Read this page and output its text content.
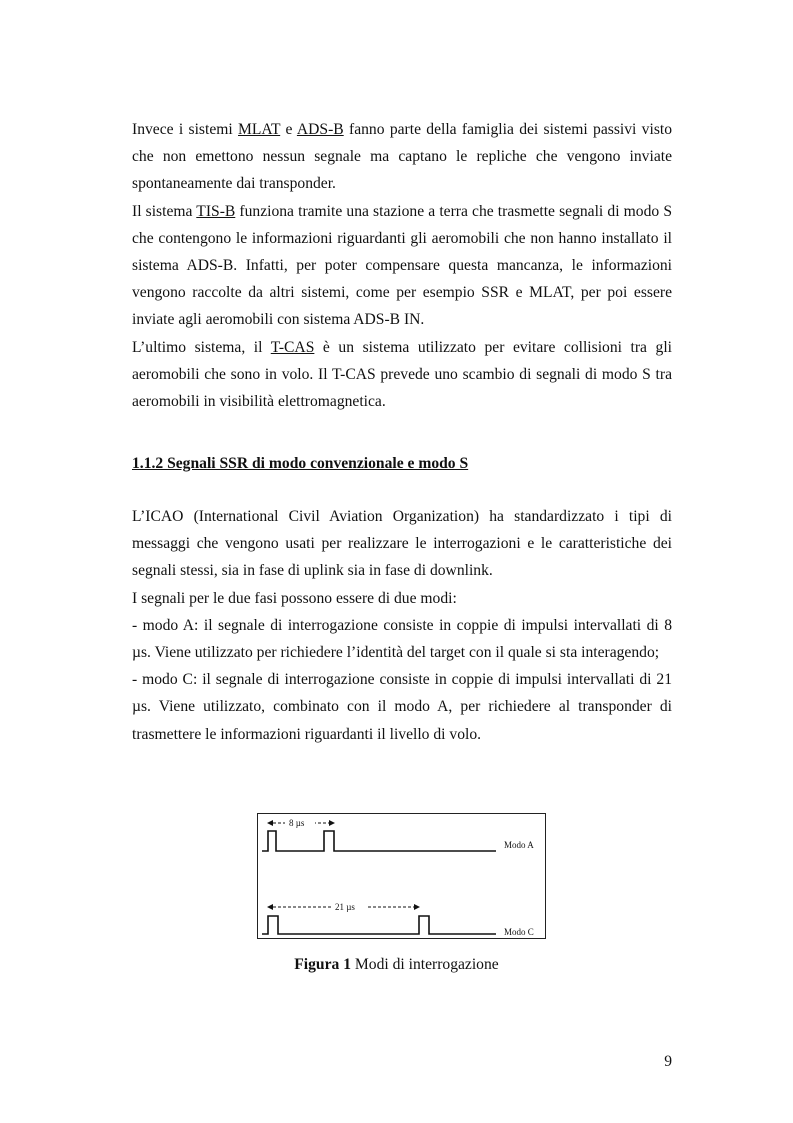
Invece i sistemi MLAT e ADS-B fanno parte della famiglia dei sistemi passivi visto che non emettono nessun segnale ma captano le repliche che vengono inviate spontaneamente dai transponder.

Il sistema TIS-B funziona tramite una stazione a terra che trasmette segnali di modo S che contengono le informazioni riguardanti gli aeromobili che non hanno installato il sistema ADS-B. Infatti, per poter compensare questa mancanza, le informazioni vengono raccolte da altri sistemi, come per esempio SSR e MLAT, per poi essere inviate agli aeromobili con sistema ADS-B IN.

L’ultimo sistema, il T-CAS è un sistema utilizzato per evitare collisioni tra gli aeromobili che sono in volo. Il T-CAS prevede uno scambio di segnali di modo S tra aeromobili in visibilità elettromagnetica.

1.1.2 Segnali SSR di modo convenzionale e modo S

L’ICAO (International Civil Aviation Organization) ha standardizzato i tipi di messaggi che vengono usati per realizzare le interrogazioni e le caratteristiche dei segnali stessi, sia in fase di uplink sia in fase di downlink.

I segnali per le due fasi possono essere di due modi:

- modo A: il segnale di interrogazione consiste in coppie di impulsi intervallati di 8 µs. Viene utilizzato per richiedere l’identità del target con il quale si sta interagendo;

- modo C: il segnale di interrogazione consiste in coppie di impulsi intervallati di 21 µs. Viene utilizzato, combinato con il modo A, per richiedere al transponder di trasmettere le informazioni riguardanti il livello di volo.

8 µs
Modo A
21 µs
Modo C
Figura 1 Modi di interrogazione
9
